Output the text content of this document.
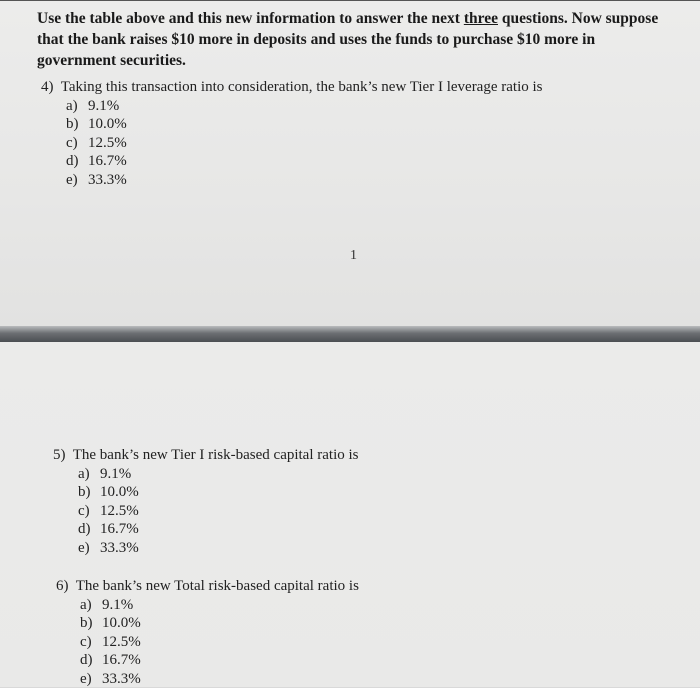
Use the table above and this new information to answer the next three questions. Now suppose that the bank raises $10 more in deposits and uses the funds to purchase $10 more in government securities.
4) Taking this transaction into consideration, the bank’s new Tier I leverage ratio is
a) 9.1%
b) 10.0%
c) 12.5%
d) 16.7%
e) 33.3%
1
5) The bank’s new Tier I risk-based capital ratio is
a) 9.1%
b) 10.0%
c) 12.5%
d) 16.7%
e) 33.3%
6) The bank’s new Total risk-based capital ratio is
a) 9.1%
b) 10.0%
c) 12.5%
d) 16.7%
e) 33.3%
